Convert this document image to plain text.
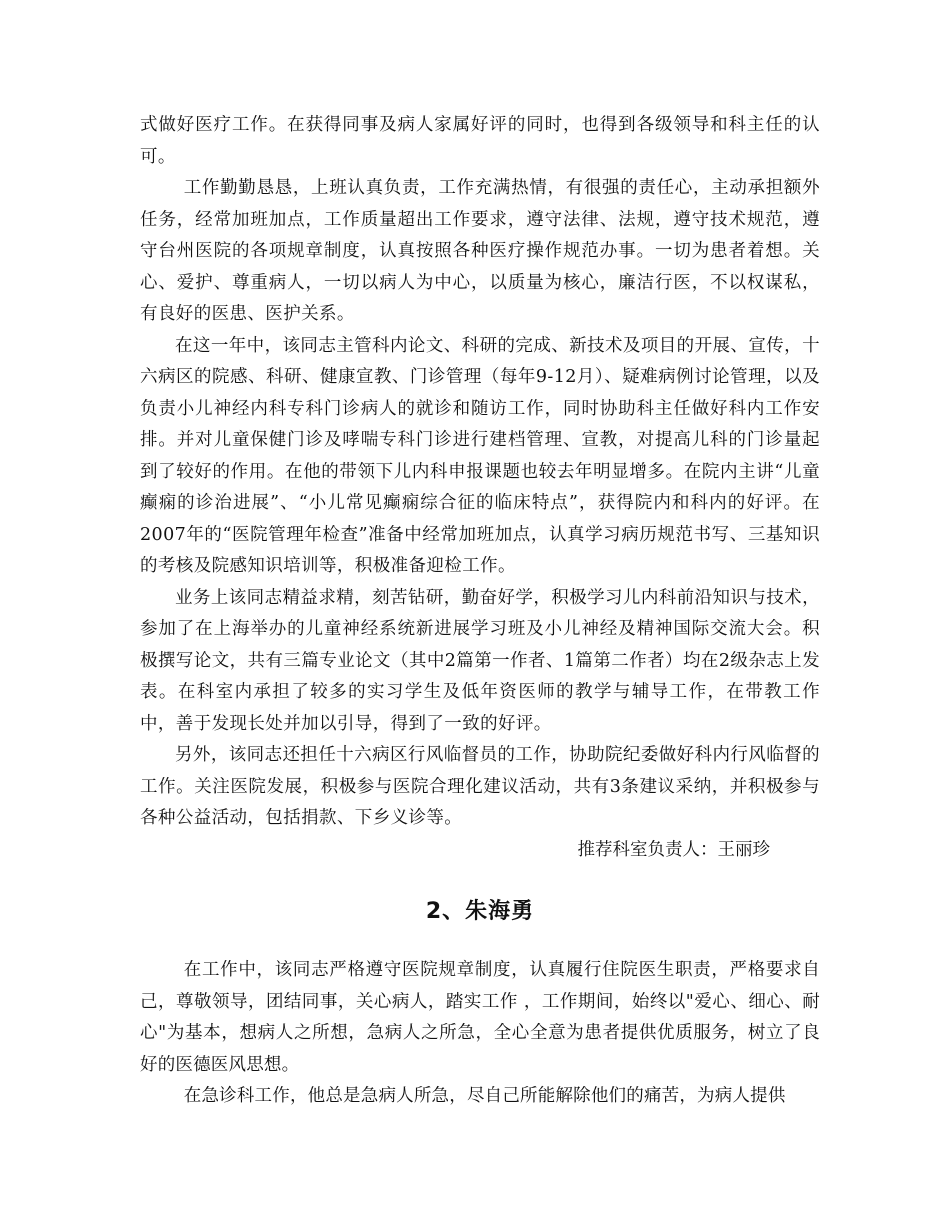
式做好医疗工作。在获得同事及病人家属好评的同时，也得到各级领导和科主任的认可。

工作勤勤恳恳，上班认真负责，工作充满热情，有很强的责任心，主动承担额外任务，经常加班加点，工作质量超出工作要求，遵守法律、法规，遵守技术规范，遵守台州医院的各项规章制度，认真按照各种医疗操作规范办事。一切为患者着想。关心、爱护、尊重病人，一切以病人为中心，以质量为核心，廉洁行医，不以权谋私，有良好的医患、医护关系。

在这一年中，该同志主管科内论文、科研的完成、新技术及项目的开展、宣传，十六病区的院感、科研、健康宣教、门诊管理（每年9-12月）、疑难病例讨论管理，以及负责小儿神经内科专科门诊病人的就诊和随访工作，同时协助科主任做好科内工作安排。并对儿童保健门诊及哮喘专科门诊进行建档管理、宣教，对提高儿科的门诊量起到了较好的作用。在他的带领下儿内科申报课题也较去年明显增多。在院内主讲“儿童癫痫的诊治进展”、“小儿常见癫痫综合征的临床特点”，获得院内和科内的好评。在2007年的“医院管理年检查”准备中经常加班加点，认真学习病历规范书写、三基知识的考核及院感知识培训等，积极准备迎检工作。

业务上该同志精益求精，刻苦钻研，勤奋好学，积极学习儿内科前沿知识与技术，参加了在上海举办的儿童神经系统新进展学习班及小儿神经及精神国际交流大会。积极撰写论文，共有三篇专业论文（其中2篇第一作者、1篇第二作者）均在2级杂志上发表。在科室内承担了较多的实习学生及低年资医师的教学与辅导工作，在带教工作中，善于发现长处并加以引导，得到了一致的好评。

另外，该同志还担任十六病区行风临督员的工作，协助院纪委做好科内行风临督的工作。关注医院发展，积极参与医院合理化建议活动，共有3条建议采纳，并积极参与各种公益活动，包括捐款、下乡义诊等。

推荐科室负责人：王丽珍

2、朱海勇

在工作中，该同志严格遵守医院规章制度，认真履行住院医生职责，严格要求自己，尊敬领导，团结同事，关心病人，踏实工作 ，工作期间，始终以"爱心、细心、耐心"为基本，想病人之所想，急病人之所急，全心全意为患者提供优质服务，树立了良好的医德医风思想。

在急诊科工作，他总是急病人所急，尽自己所能解除他们的痛苦，为病人提供
